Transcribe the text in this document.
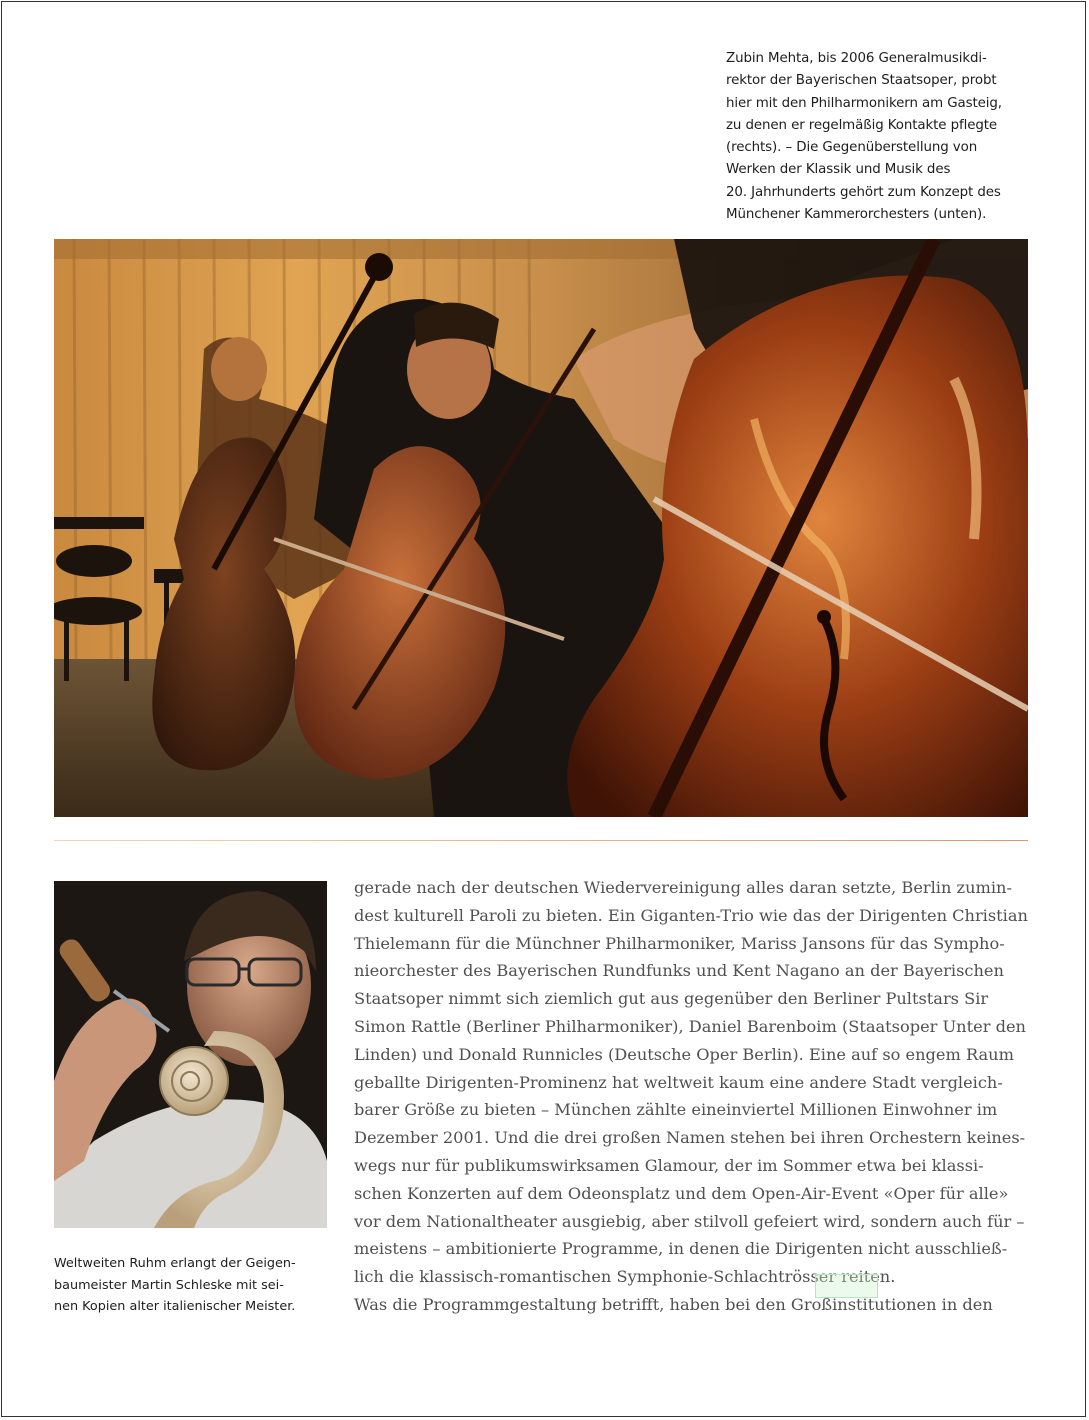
Zubin Mehta, bis 2006 Generalmusikdi-
rektor der Bayerischen Staatsoper, probt
hier mit den Philharmonikern am Gasteig,
zu denen er regelmäßig Kontakte pflegte
(rechts). – Die Gegenüberstellung von
Werken der Klassik und Musik des
20. Jahrhunderts gehört zum Konzept des
Münchener Kammerorchesters (unten).
Weltweiten Ruhm erlangt der Geigen-
baumeister Martin Schleske mit sei-
nen Kopien alter italienischer Meister.
gerade nach der deutschen Wiedervereinigung alles daran setzte, Berlin zumin-
dest kulturell Paroli zu bieten. Ein Giganten-Trio wie das der Dirigenten Christian
Thielemann für die Münchner Philharmoniker, Mariss Jansons für das Sympho-
nieorchester des Bayerischen Rundfunks und Kent Nagano an der Bayerischen
Staatsoper nimmt sich ziemlich gut aus gegenüber den Berliner Pultstars Sir
Simon Rattle (Berliner Philharmoniker), Daniel Barenboim (Staatsoper Unter den
Linden) und Donald Runnicles (Deutsche Oper Berlin). Eine auf so engem Raum
geballte Dirigenten-Prominenz hat weltweit kaum eine andere Stadt vergleich-
barer Größe zu bieten – München zählte eineinviertel Millionen Einwohner im
Dezember 2001. Und die drei großen Namen stehen bei ihren Orchestern keines-
wegs nur für publikumswirksamen Glamour, der im Sommer etwa bei klassi-
schen Konzerten auf dem Odeonsplatz und dem Open-Air-Event «Oper für alle»
vor dem Nationaltheater ausgiebig, aber stilvoll gefeiert wird, sondern auch für –
meistens – ambitionierte Programme, in denen die Dirigenten nicht ausschließ-
lich die klassisch-romantischen Symphonie-Schlachtrösser reiten.
Was die Programmgestaltung betrifft, haben bei den Großinstitutionen in den
